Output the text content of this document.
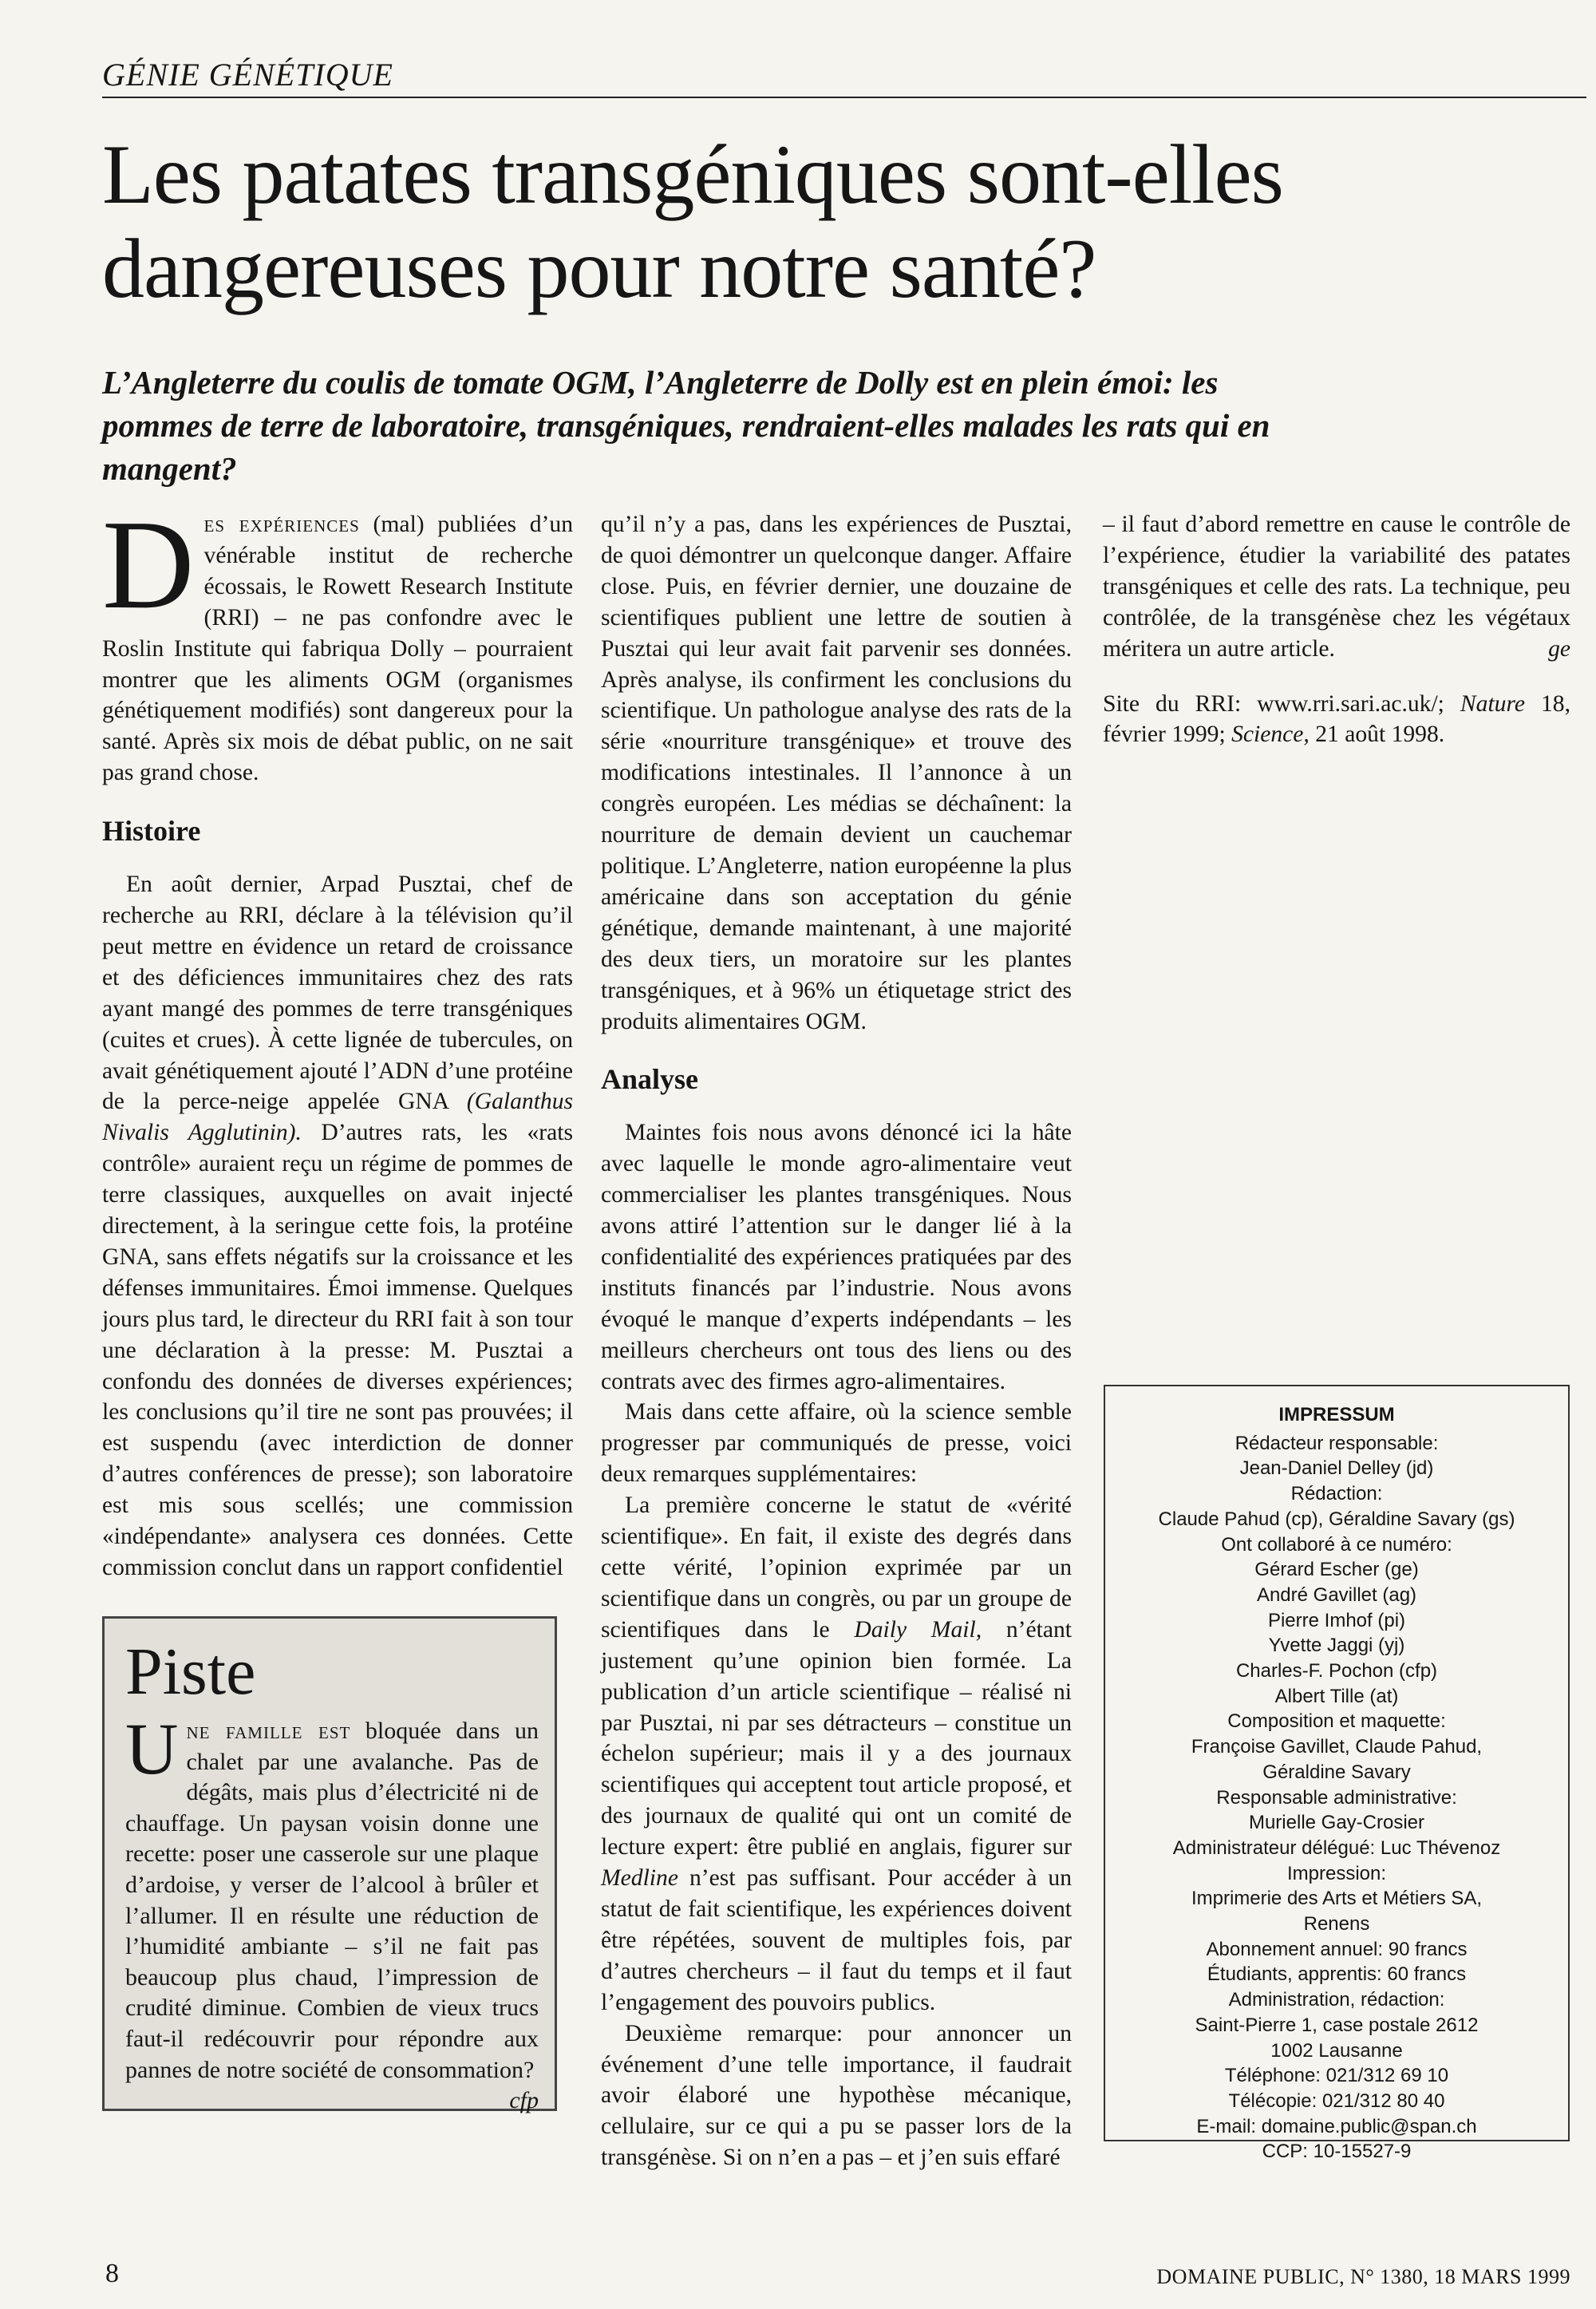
GÉNIE GÉNÉTIQUE
Les patates transgéniques sont-elles dangereuses pour notre santé?

L’Angleterre du coulis de tomate OGM, l’Angleterre de Dolly est en plein émoi: les pommes de terre de laboratoire, transgéniques, rendraient-elles malades les rats qui en mangent?

Des expériences (mal) publiées d’un vénérable institut de recherche écossais, le Rowett Research Institute (RRI) – ne pas confondre avec le Roslin Institute qui fabriqua Dolly – pourraient montrer que les aliments OGM (organismes génétiquement modifiés) sont dangereux pour la santé. Après six mois de débat public, on ne sait pas grand chose.

Histoire

En août dernier, Arpad Pusztai, chef de recherche au RRI, déclare à la télévision qu’il peut mettre en évidence un retard de croissance et des déficiences immunitaires chez des rats ayant mangé des pommes de terre transgéniques (cuites et crues). À cette lignée de tubercules, on avait génétiquement ajouté l’ADN d’une protéine de la perce-neige appelée GNA (Galanthus Nivalis Agglutinin). D’autres rats, les «rats contrôle» auraient reçu un régime de pommes de terre classiques, auxquelles on avait injecté directement, à la seringue cette fois, la protéine GNA, sans effets négatifs sur la croissance et les défenses immunitaires. Émoi immense. Quelques jours plus tard, le directeur du RRI fait à son tour une déclaration à la presse: M. Pusztai a confondu des données de diverses expériences; les conclusions qu’il tire ne sont pas prouvées; il est suspendu (avec interdiction de donner d’autres conférences de presse); son laboratoire est mis sous scellés; une commission «indépendante» analysera ces données. Cette commission conclut dans un rapport confidentiel

qu’il n’y a pas, dans les expériences de Pusztai, de quoi démontrer un quelconque danger. Affaire close. Puis, en février dernier, une douzaine de scientifiques publient une lettre de soutien à Pusztai qui leur avait fait parvenir ses données. Après analyse, ils confirment les conclusions du scientifique. Un pathologue analyse des rats de la série «nourriture transgénique» et trouve des modifications intestinales. Il l’annonce à un congrès européen. Les médias se déchaînent: la nourriture de demain devient un cauchemar politique. L’Angleterre, nation européenne la plus américaine dans son acceptation du génie génétique, demande maintenant, à une majorité des deux tiers, un moratoire sur les plantes transgéniques, et à 96% un étiquetage strict des produits alimentaires OGM.

Analyse

Maintes fois nous avons dénoncé ici la hâte avec laquelle le monde agro-alimentaire veut commercialiser les plantes transgéniques. Nous avons attiré l’attention sur le danger lié à la confidentialité des expériences pratiquées par des instituts financés par l’industrie. Nous avons évoqué le manque d’experts indépendants – les meilleurs chercheurs ont tous des liens ou des contrats avec des firmes agro-alimentaires.

Mais dans cette affaire, où la science semble progresser par communiqués de presse, voici deux remarques supplémentaires:

La première concerne le statut de «vérité scientifique». En fait, il existe des degrés dans cette vérité, l’opinion exprimée par un scientifique dans un congrès, ou par un groupe de scientifiques dans le Daily Mail, n’étant justement qu’une opinion bien formée. La publication d’un article scientifique – réalisé ni par Pusztai, ni par ses détracteurs – constitue un échelon supérieur; mais il y a des journaux scientifiques qui acceptent tout article proposé, et des journaux de qualité qui ont un comité de lecture expert: être publié en anglais, figurer sur Medline n’est pas suffisant. Pour accéder à un statut de fait scientifique, les expériences doivent être répétées, souvent de multiples fois, par d’autres chercheurs – il faut du temps et il faut l’engagement des pouvoirs publics.

Deuxième remarque: pour annoncer un événement d’une telle importance, il faudrait avoir élaboré une hypothèse mécanique, cellulaire, sur ce qui a pu se passer lors de la transgénèse. Si on n’en a pas – et j’en suis effaré

– il faut d’abord remettre en cause le contrôle de l’expérience, étudier la variabilité des patates transgéniques et celle des rats. La technique, peu contrôlée, de la transgénèse chez les végétaux méritera un autre article.	ge

Site du RRI: www.rri.sari.ac.uk/; Nature 18, février 1999; Science, 21 août 1998.

Piste

Une famille est bloquée dans un chalet par une avalanche. Pas de dégâts, mais plus d’électricité ni de chauffage. Un paysan voisin donne une recette: poser une casserole sur une plaque d’ardoise, y verser de l’alcool à brûler et l’allumer. Il en résulte une réduction de l’humidité ambiante – s’il ne fait pas beaucoup plus chaud, l’impression de crudité diminue. Combien de vieux trucs faut-il redécouvrir pour répondre aux pannes de notre société de consommation?
cfp

IMPRESSUM
Rédacteur responsable:
Jean-Daniel Delley (jd)
Rédaction:
Claude Pahud (cp), Géraldine Savary (gs)
Ont collaboré à ce numéro:
Gérard Escher (ge)
André Gavillet (ag)
Pierre Imhof (pi)
Yvette Jaggi (yj)
Charles-F. Pochon (cfp)
Albert Tille (at)
Composition et maquette:
Françoise Gavillet, Claude Pahud,
Géraldine Savary
Responsable administrative:
Murielle Gay-Crosier
Administrateur délégué: Luc Thévenoz
Impression:
Imprimerie des Arts et Métiers SA,
Renens
Abonnement annuel: 90 francs
Étudiants, apprentis: 60 francs
Administration, rédaction:
Saint-Pierre 1, case postale 2612
1002 Lausanne
Téléphone: 021/312 69 10
Télécopie: 021/312 80 40
E-mail: domaine.public@span.ch
CCP: 10-15527-9
8	DOMAINE PUBLIC, N° 1380, 18 MARS 1999
